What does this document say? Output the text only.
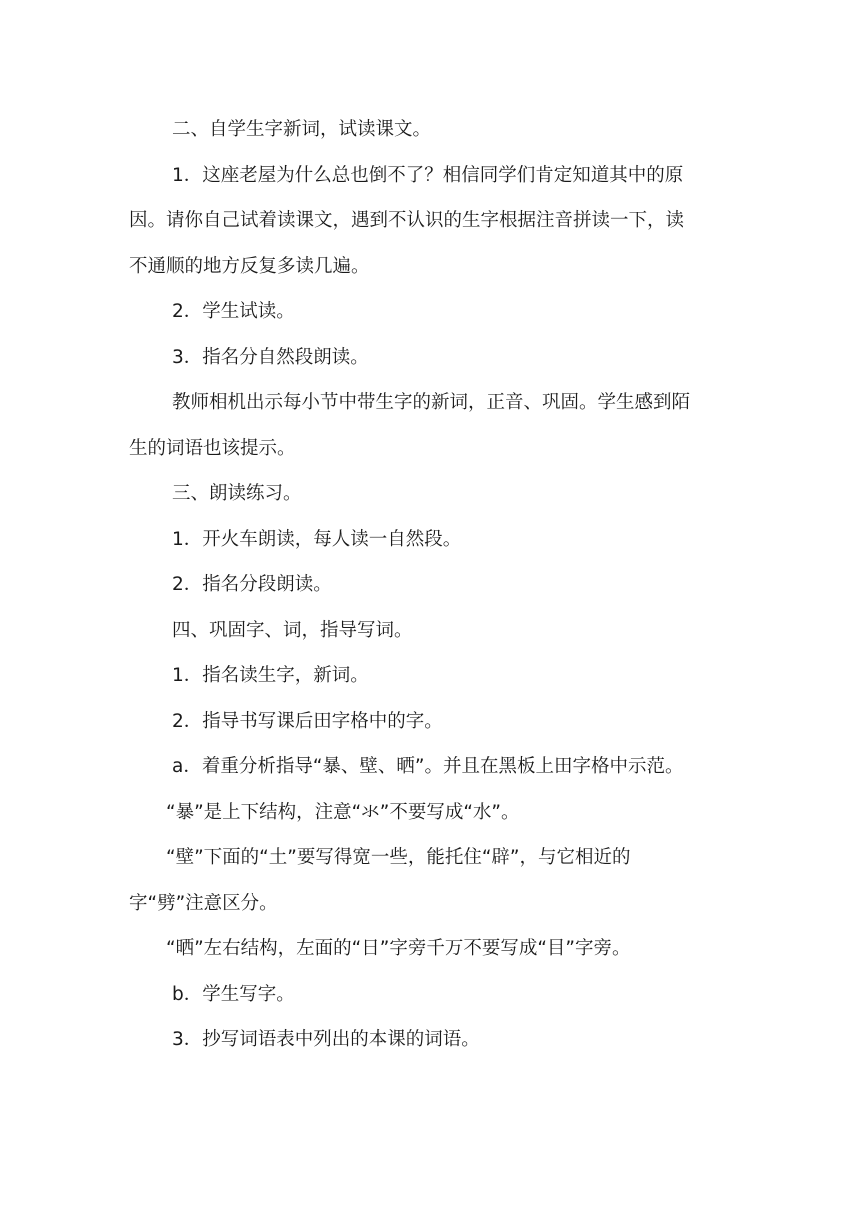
二、自学生字新词，试读课文。

1．这座老屋为什么总也倒不了？相信同学们肯定知道其中的原

因。请你自己试着读课文，遇到不认识的生字根据注音拼读一下，读

不通顺的地方反复多读几遍。

2．学生试读。

3．指名分自然段朗读。

教师相机出示每小节中带生字的新词，正音、巩固。学生感到陌

生的词语也该提示。

三、朗读练习。

1．开火车朗读，每人读一自然段。

2．指名分段朗读。

四、巩固字、词，指导写词。

1．指名读生字，新词。

2．指导书写课后田字格中的字。

a．着重分析指导“暴、壁、晒”。并且在黑板上田字格中示范。

“暴”是上下结构，注意“氺”不要写成“水”。

“壁”下面的“土”要写得宽一些，能托住“辟”，与它相近的

字“劈”注意区分。

“晒”左右结构，左面的“日”字旁千万不要写成“目”字旁。

b．学生写字。

3．抄写词语表中列出的本课的词语。
